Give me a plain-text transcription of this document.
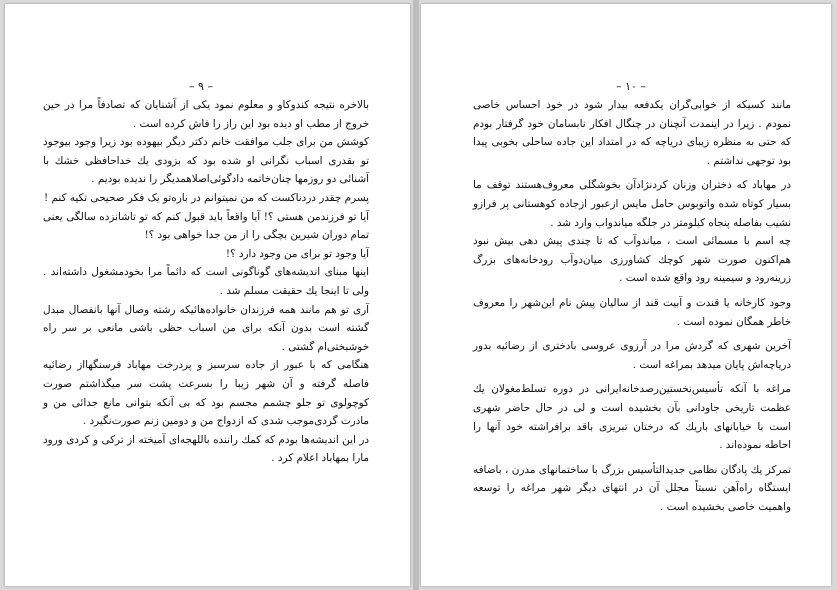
– ۹ –

بالاخره نتیجه کندوکاو و معلوم نمود یکی از آشنایان که تصادفاً مرا در حین خروج از مطب او دیده بود این راز را فاش کرده است .

کوشش من برای جلب موافقت خانم دکتر دیگر بیهوده بود زیرا وجود بیوجود تو بقدری اسباب نگرانی او شده بود که بزودی یك خداحافظی خشك با آشنائی دو روزمها چنان‌خاتمه دادگوئی‌اصلاهمدیگر را ندیده بودیم .

پسرم چقدر دردناکست که من نمیتوانم در باره‌تو یک فکر صحیحی تکیه کنم !

آیا تو فرزندمن هستی ؟! آیا واقعاً باید قبول کنم که تو تاشانزده سالگی یعنی تمام دوران شیرین بچگی را از من جدا خواهی بود ؟!

آیا وجود تو برای من وجود دارد ؟!

اینها مبنای اندیشه‌های گوناگونی است که دائماً مرا بخودمشغول داشته‌اند . ولی تا اینجا یك حقیقت مسلم شد .

آری تو هم مانند همه فرزندان خانواده‌هائیکه رشته وصال آنها بانفصال مبدل گشته است بدون آنکه برای من اسباب حظی باشی مانعی بر سر راه خوشبختی‌ام گشتی .

هنگامی که با عبور از جاده سرسبز و پردرخت مهاباد فرسنگهااز رضائیه فاصله گرفته و آن شهر زیبا را بسرعت پشت سر میگذاشتم صورت کوچولوی تو جلو چشمم مجسم بود که بی آنکه بتوانی مانع جدائی من و مادرت گردی‌موجب شدی که ازدواج من و دومین زنم صورت‌نگیرد .

در این اندیشه‌ها بودم که کمك راننده باللهجه‌ای آمیخته از ترکی و کردی ورود مارا بمهاباد اعلام کرد .

– ۱۰ –

مانند کسیکه از خوابی‌گران یکدفعه بیدار شود در خود احساس خاصی نمودم . زیرا در اینمدت آنچنان در چنگال افکار نابسامان خود گرفتار بودم که حتی به منظره زیبای دریاچه که در امتداد این جاده ساحلی بخوبی پیدا بود توجهی نداشتم .

در مهاباد که دختران وزنان کردنژادآن بخوشگلی معروف‌هستند توقف ما بسیار کوتاه شده واتوبوس حامل مایس ازعبور ازجاده کوهستانی پر فرازو نشیب بفاصله پنجاه کیلومتر در جلگه میاندواب وارد شد .

چه اسم با مسمائی است ، میاندوآب که تا چندی پیش دهی بیش نبود هم‌اکنون صورت شهر کوچك کشاورزی میان‌دوآب رودخانه‌های بزرگ زرینه‌رود و سیمینه رود واقع شده است .

وجود کارخانه یا قندت و آبیت قند از سالیان پیش نام این‌شهر را معروف خاطر همگان نموده است .

آخرین شهری که گردش مرا در آرزوی عروسی بادختری از رضائیه بدور دریاچه‌اش پایان میدهد بمراغه است .

مراغه با آنکه تأسیس‌نخستین‌رصدخانه‌ایرانی در دوره تسلط‌مغولان یك عظمت تاریخی جاودانی بآن بخشیده است و لی در حال حاضر شهری است با خیابانهای باریك که درختان تبریزی باقد برافراشته خود آنها را احاطه نموده‌اند .

تمرکز یك پادگان نظامی جدیدالتأسیس بزرگ با ساختمانهای مدرن ، باضافه ایستگاه راه‌آهن نسبتاً مجلل آن در انتهای دیگر شهر مراغه را توسعه واهمیت خاصی بخشیده است .
